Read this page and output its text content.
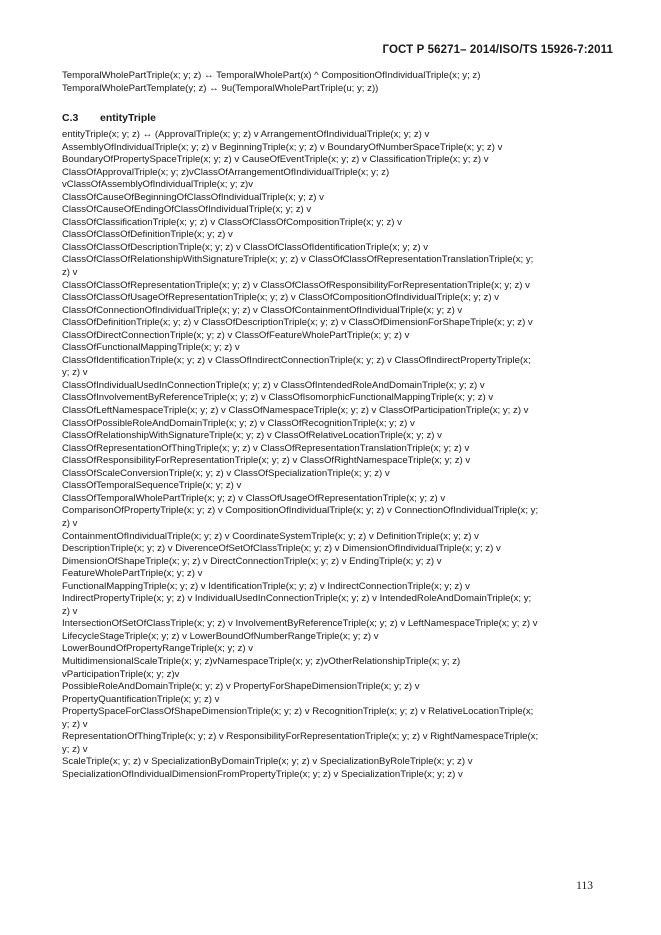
ГОСТ Р 56271– 2014/ISO/TS 15926-7:2011
TemporalWholePartTriple(x; y; z) ↔ TemporalWholePart(x) ^ CompositionOfIndividualTriple(x; y; z)
TemporalWholePartTemplate(y; z) ↔ 9u(TemporalWholePartTriple(u; y; z))
C.3 entityTriple
entityTriple(x; y; z) ↔ (ApprovalTriple(x; y; z) v ArrangementOfIndividualTriple(x; y; z) v
AssemblyOfIndividualTriple(x; y; z) v BeginningTriple(x; y; z) v BoundaryOfNumberSpaceTriple(x; y; z) v
BoundaryOfPropertySpaceTriple(x; y; z) v CauseOfEventTriple(x; y; z) v ClassificationTriple(x; y; z) v
ClassOfApprovalTriple(x; y; z)vClassOfArrangementOfIndividualTriple(x; y; z)
vClassOfAssemblyOfIndividualTriple(x; y; z)v
ClassOfCauseOfBeginningOfClassOfIndividualTriple(x; y; z) v
ClassOfCauseOfEndingOfClassOfIndividualTriple(x; y; z) v
ClassOfClassificationTriple(x; y; z) v ClassOfClassOfCompositionTriple(x; y; z) v
ClassOfClassOfDefinitionTriple(x; y; z) v
ClassOfClassOfDescriptionTriple(x; y; z) v ClassOfClassOfIdentificationTriple(x; y; z) v
ClassOfClassOfRelationshipWithSignatureTriple(x; y; z) v ClassOfClassOfRepresentationTranslationTriple(x; y;
z) v
ClassOfClassOfRepresentationTriple(x; y; z) v ClassOfClassOfResponsibilityForRepresentationTriple(x; y; z) v
ClassOfClassOfUsageOfRepresentationTriple(x; y; z) v ClassOfCompositionOfIndividualTriple(x; y; z) v
ClassOfConnectionOfIndividualTriple(x; y; z) v ClassOfContainmentOfIndividualTriple(x; y; z) v
ClassOfDefinitionTriple(x; y; z) v ClassOfDescriptionTriple(x; y; z) v ClassOfDimensionForShapeTriple(x; y; z) v
ClassOfDirectConnectionTriple(x; y; z) v ClassOfFeatureWholePartTriple(x; y; z) v
ClassOfFunctionalMappingTriple(x; y; z) v
ClassOfIdentificationTriple(x; y; z) v ClassOfIndirectConnectionTriple(x; y; z) v ClassOfIndirectPropertyTriple(x;
y; z) v
ClassOfIndividualUsedInConnectionTriple(x; y; z) v ClassOfIntendedRoleAndDomainTriple(x; y; z) v
ClassOfInvolvementByReferenceTriple(x; y; z) v ClassOfIsomorphicFunctionalMappingTriple(x; y; z) v
ClassOfLeftNamespaceTriple(x; y; z) v ClassOfNamespaceTriple(x; y; z) v ClassOfParticipationTriple(x; y; z) v
ClassOfPossibleRoleAndDomainTriple(x; y; z) v ClassOfRecognitionTriple(x; y; z) v
ClassOfRelationshipWithSignatureTriple(x; y; z) v ClassOfRelativeLocationTriple(x; y; z) v
ClassOfRepresentationOfThingTriple(x; y; z) v ClassOfRepresentationTranslationTriple(x; y; z) v
ClassOfResponsibilityForRepresentationTriple(x; y; z) v ClassOfRightNamespaceTriple(x; y; z) v
ClassOfScaleConversionTriple(x; y; z) v ClassOfSpecializationTriple(x; y; z) v
ClassOfTemporalSequenceTriple(x; y; z) v
ClassOfTemporalWholePartTriple(x; y; z) v ClassOfUsageOfRepresentationTriple(x; y; z) v
ComparisonOfPropertyTriple(x; y; z) v CompositionOfIndividualTriple(x; y; z) v ConnectionOfIndividualTriple(x; y;
z) v
ContainmentOfIndividualTriple(x; y; z) v CoordinateSystemTriple(x; y; z) v DefinitionTriple(x; y; z) v
DescriptionTriple(x; y; z) v DiverenceOfSetOfClassTriple(x; y; z) v DimensionOfIndividualTriple(x; y; z) v
DimensionOfShapeTriple(x; y; z) v DirectConnectionTriple(x; y; z) v EndingTriple(x; y; z) v
FeatureWholePartTriple(x; y; z) v
FunctionalMappingTriple(x; y; z) v IdentificationTriple(x; y; z) v IndirectConnectionTriple(x; y; z) v
IndirectPropertyTriple(x; y; z) v IndividualUsedInConnectionTriple(x; y; z) v IntendedRoleAndDomainTriple(x; y;
z) v
IntersectionOfSetOfClassTriple(x; y; z) v InvolvementByReferenceTriple(x; y; z) v LeftNamespaceTriple(x; y; z) v
LifecycleStageTriple(x; y; z) v LowerBoundOfNumberRangeTriple(x; y; z) v
LowerBoundOfPropertyRangeTriple(x; y; z) v
MultidimensionalScaleTriple(x; y; z)vNamespaceTriple(x; y; z)vOtherRelationshipTriple(x; y; z)
vParticipationTriple(x; y; z)v
PossibleRoleAndDomainTriple(x; y; z) v PropertyForShapeDimensionTriple(x; y; z) v
PropertyQuantificationTriple(x; y; z) v
PropertySpaceForClassOfShapeDimensionTriple(x; y; z) v RecognitionTriple(x; y; z) v RelativeLocationTriple(x;
y; z) v
RepresentationOfThingTriple(x; y; z) v ResponsibilityForRepresentationTriple(x; y; z) v RightNamespaceTriple(x;
y; z) v
ScaleTriple(x; y; z) v SpecializationByDomainTriple(x; y; z) v SpecializationByRoleTriple(x; y; z) v
SpecializationOfIndividualDimensionFromPropertyTriple(x; y; z) v SpecializationTriple(x; y; z) v
113
